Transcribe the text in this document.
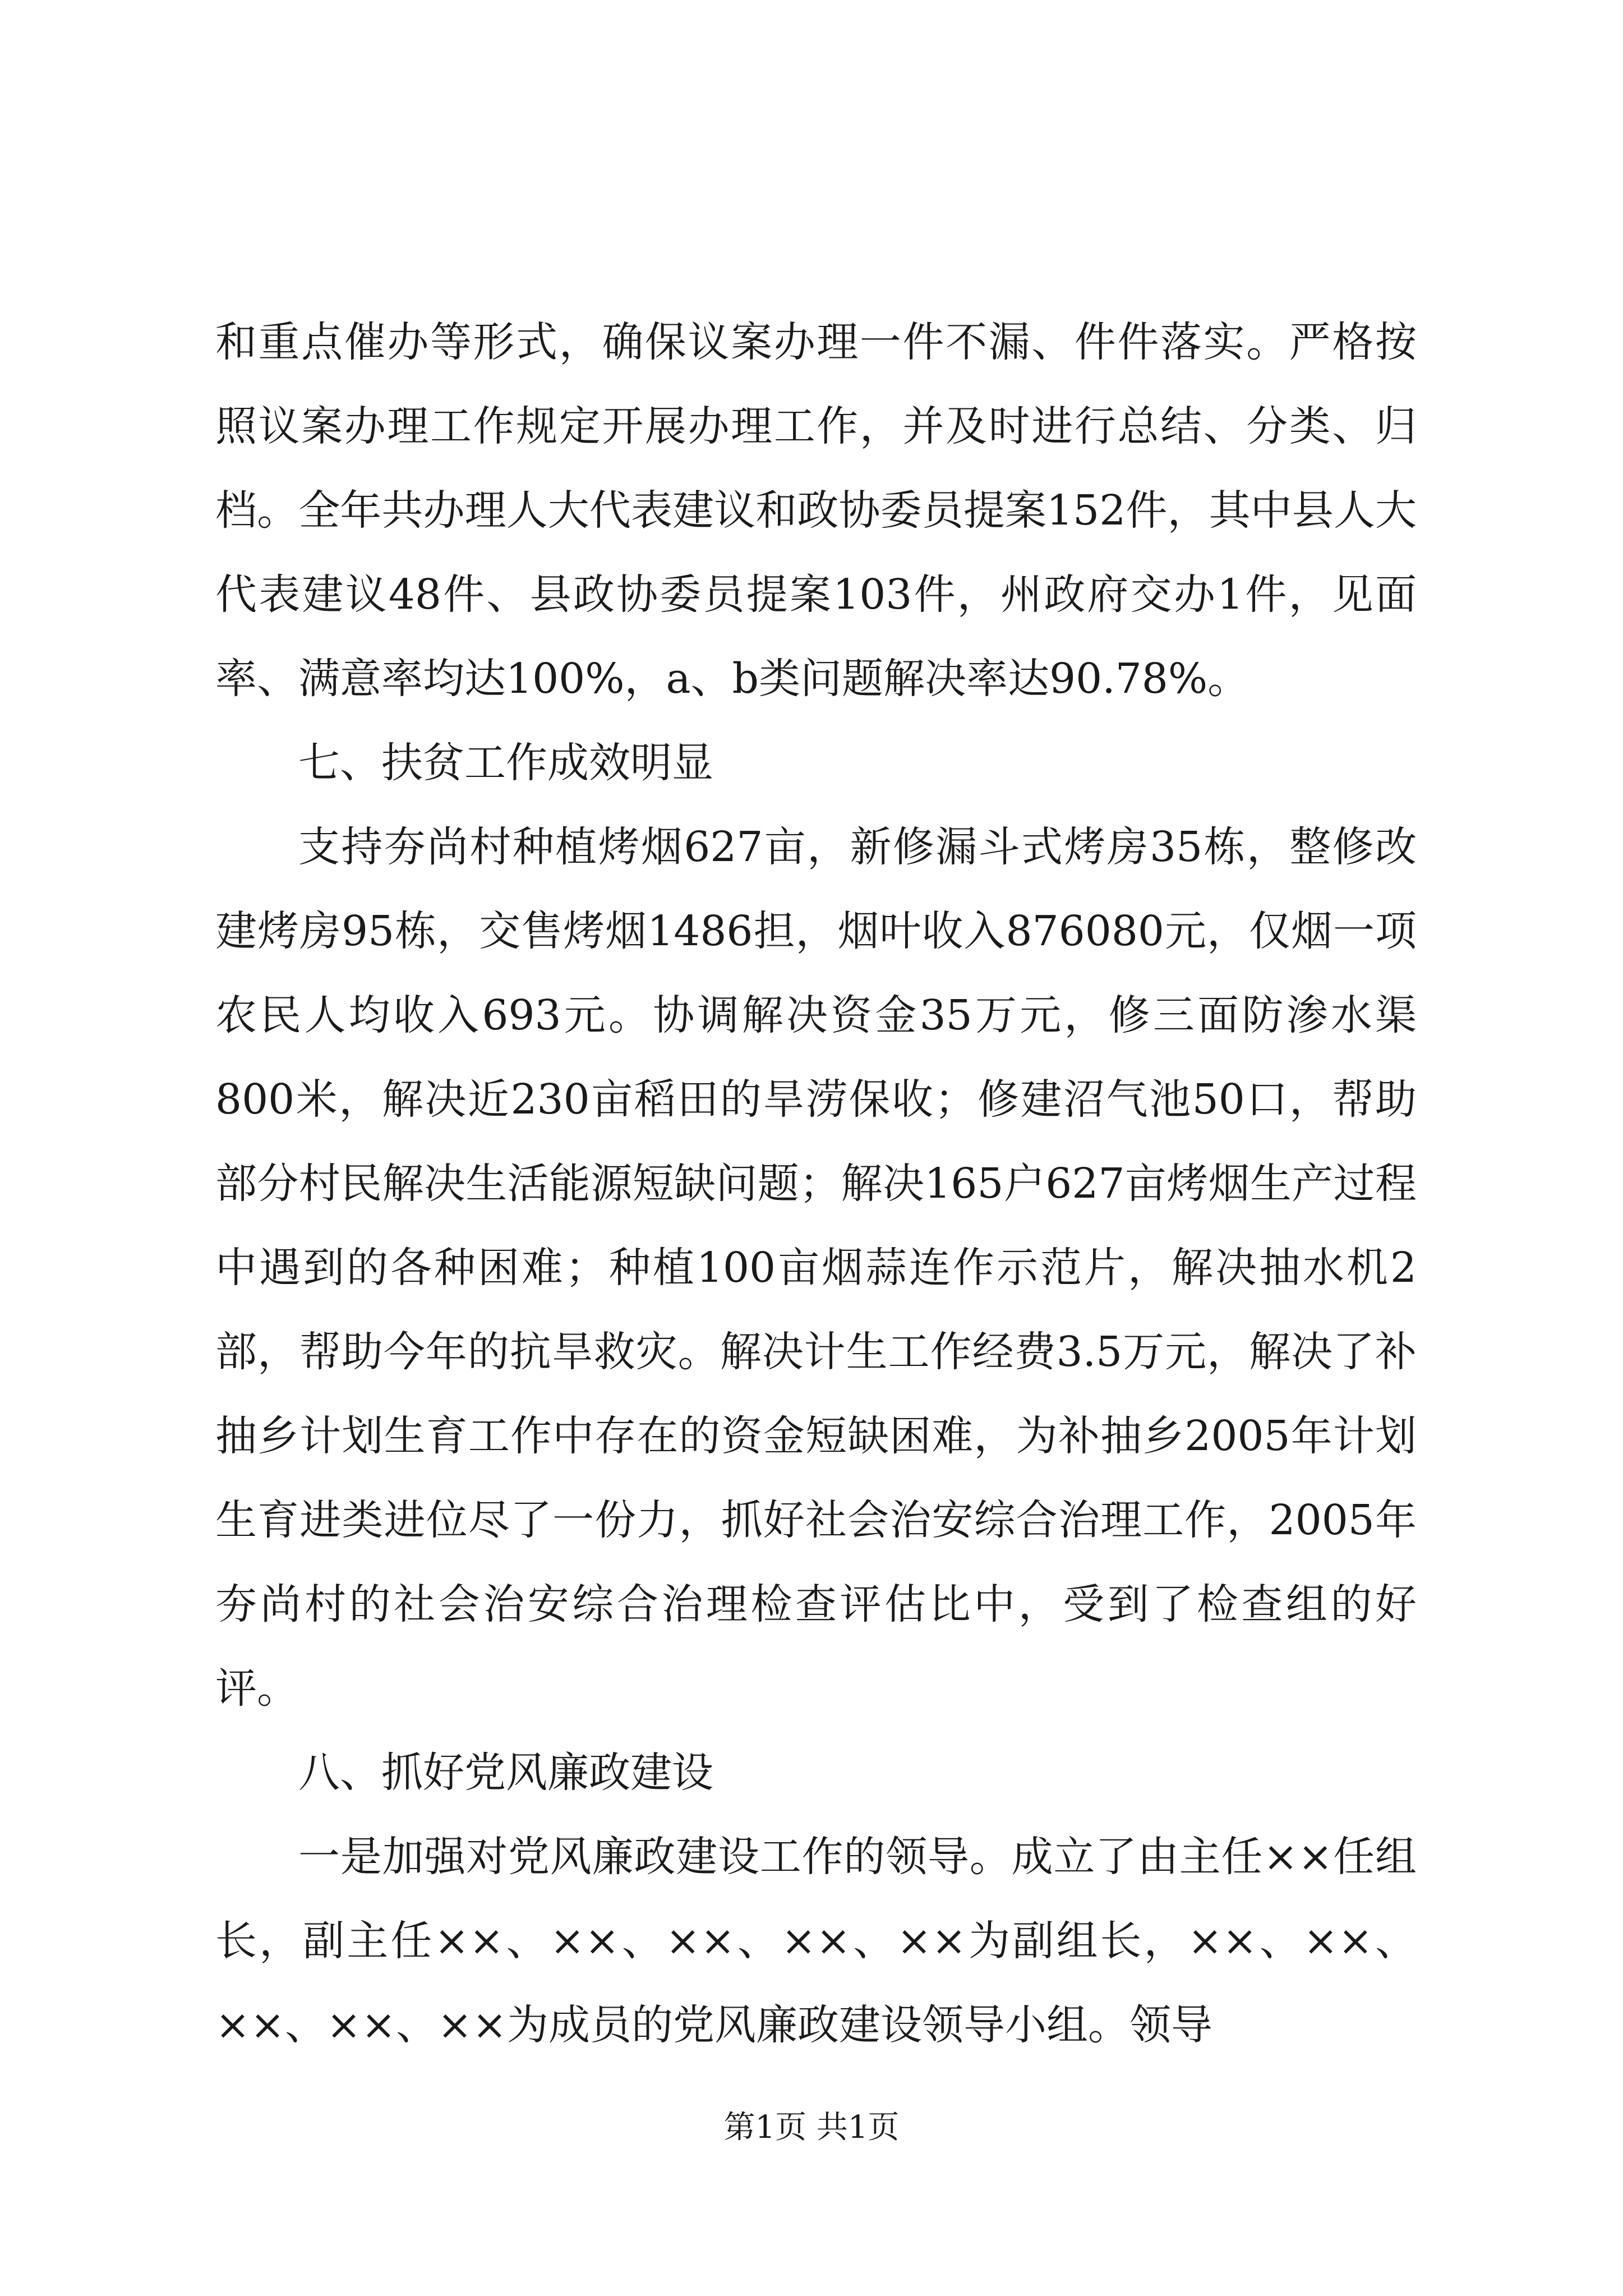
和重点催办等形式，确保议案办理一件不漏、件件落实。严格按照议案办理工作规定开展办理工作，并及时进行总结、分类、归档。全年共办理人大代表建议和政协委员提案152件，其中县人大代表建议48件、县政协委员提案103件，州政府交办1件，见面率、满意率均达100%，a、b类问题解决率达90.78%。

七、扶贫工作成效明显

支持夯尚村种植烤烟627亩，新修漏斗式烤房35栋，整修改建烤房95栋，交售烤烟1486担，烟叶收入876080元，仅烟一项农民人均收入693元。协调解决资金35万元，修三面防渗水渠800米，解决近230亩稻田的旱涝保收；修建沼气池50口，帮助部分村民解决生活能源短缺问题；解决165户627亩烤烟生产过程中遇到的各种困难；种植100亩烟蒜连作示范片，解决抽水机2部，帮助今年的抗旱救灾。解决计生工作经费3.5万元，解决了补抽乡计划生育工作中存在的资金短缺困难，为补抽乡2005年计划生育进类进位尽了一份力，抓好社会治安综合治理工作，2005年夯尚村的社会治安综合治理检查评估比中，受到了检查组的好评。

八、抓好党风廉政建设

一是加强对党风廉政建设工作的领导。成立了由主任××任组长，副主任××、××、××、××、××为副组长，××、××、××、××、××为成员的党风廉政建设领导小组。领导

第1页 共1页
